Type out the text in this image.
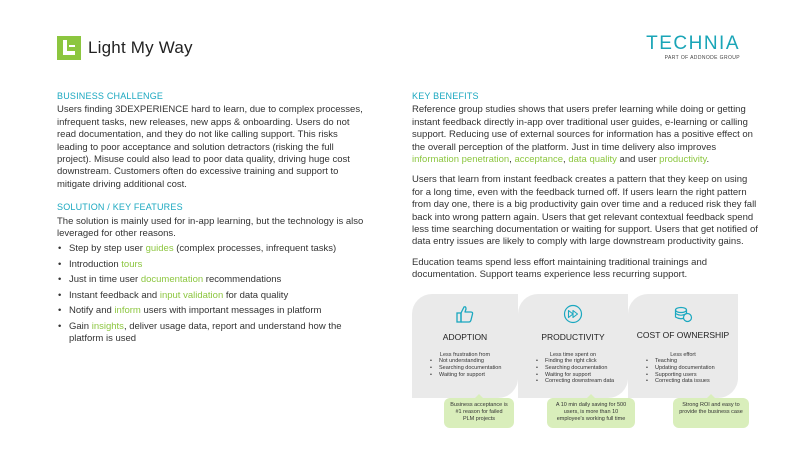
Light My Way	TECHNIA
PART OF ADDNODE GROUP
BUSINESS CHALLENGE

Users finding 3DEXPERIENCE hard to learn, due to complex processes, infrequent tasks, new releases, new apps & onboarding. Users do not read documentation, and they do not like calling support. This risks leading to poor acceptance and solution detractors (risking the full project). Misuse could also lead to poor data quality, driving huge cost downstream. Customers often do excessive training and support to mitigate driving additional cost.

SOLUTION / KEY FEATURES

The solution is mainly used for in-app learning, but the technology is also leveraged for other reasons.

• Step by step user guides (complex processes, infrequent tasks)
• Introduction tours
• Just in time user documentation recommendations
• Instant feedback and input validation for data quality
• Notify and inform users with important messages in platform
• Gain insights, deliver usage data, report and understand how the platform is used
KEY BENEFITS

Reference group studies shows that users prefer learning while doing or getting instant feedback directly in-app over traditional user guides, e-learning or calling support. Reducing use of external sources for information has a positive effect on the overall perception of the platform. Just in time delivery also improves information penetration, acceptance, data quality and user productivity.

Users that learn from instant feedback creates a pattern that they keep on using for a long time, even with the feedback turned off. If users learn the right pattern from day one, there is a big productivity gain over time and a reduced risk they fall back into wrong pattern again. Users that get relevant contextual feedback spend less time searching documentation or waiting for support. Users that get notified of data entry issues are likely to comply with large downstream productivity gains.

Education teams spend less effort maintaining traditional trainings and documentation. Support teams experience less recurring support.

ADOPTION
Less frustration from
• Not understanding
• Searching documentation
• Waiting for support
PRODUCTIVITY
Less time spent on
• Finding the right click
• Searching documentation
• Waiting for support
• Correcting downstream data
COST OF OWNERSHIP
Less effort
• Teaching
• Updating documentation
• Supporting users
• Correcting data issues
Business acceptance is #1 reason for failed PLM projects
A 10 min daily saving for 500 users, is more than 10 employee's working full time
Strong ROI and easy to provide the business case
